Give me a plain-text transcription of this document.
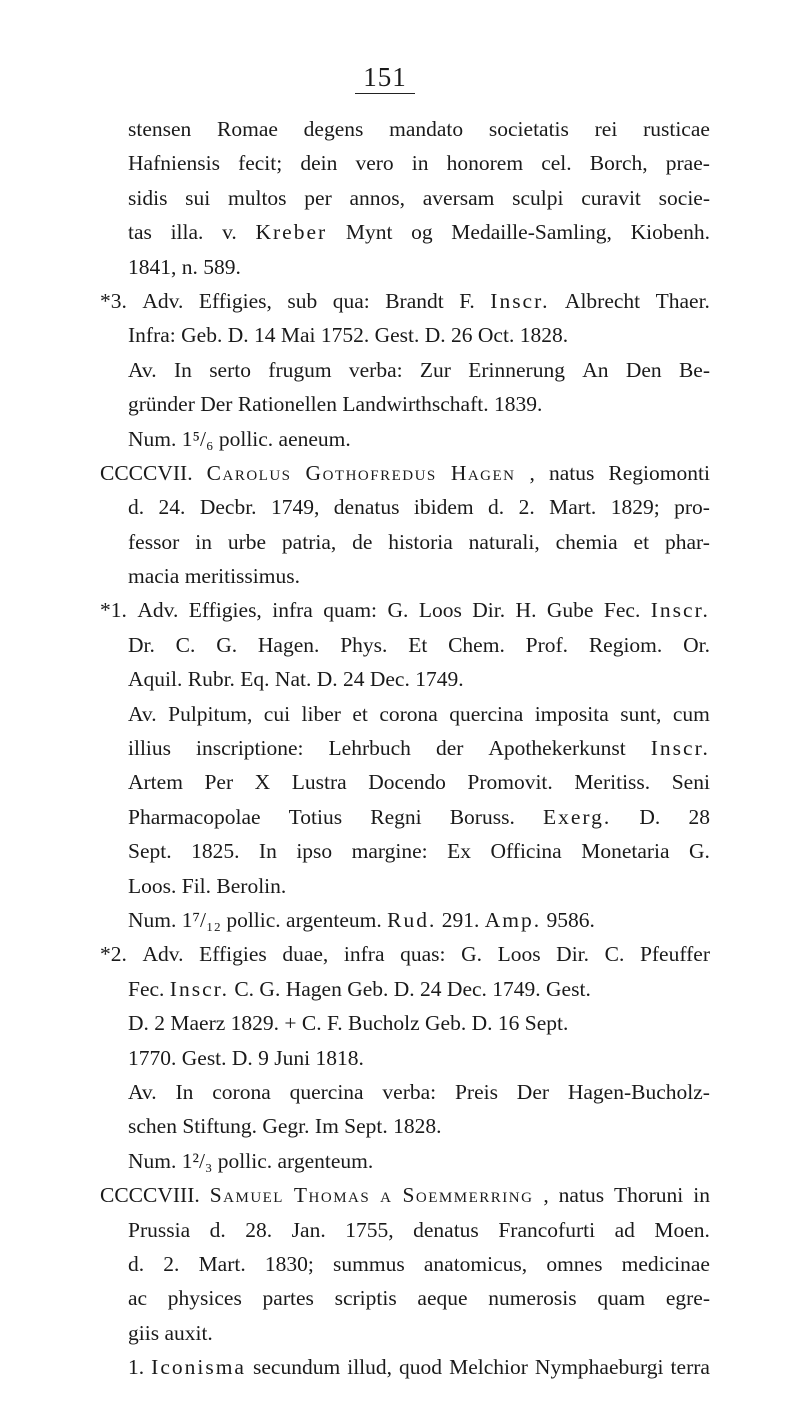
151
stensen Romae degens mandato societatis rei rusticae
Hafniensis fecit; dein vero in honorem cel. Borch, prae-
sidis sui multos per annos, aversam sculpi curavit socie-
tas illa. v. Kreber Mynt og Medaille-Samling, Kiobenh.
1841, n. 589.
*3. Adv. Effigies, sub qua: Brandt F. Inscr. Albrecht Thaer.
Infra: Geb. D. 14 Mai 1752. Gest. D. 26 Oct. 1828.
Av. In serto frugum verba: Zur Erinnerung An Den Be-
gründer Der Rationellen Landwirthschaft. 1839.
Num. 1⁵/₆ pollic. aeneum.
CCCCVII. Carolus Gothofredus Hagen , natus Regiomonti
d. 24. Decbr. 1749, denatus ibidem d. 2. Mart. 1829; pro-
fessor in urbe patria, de historia naturali, chemia et phar-
macia meritissimus.
*1. Adv. Effigies, infra quam: G. Loos Dir. H. Gube Fec. Inscr.
Dr. C. G. Hagen. Phys. Et Chem. Prof. Regiom. Or.
Aquil. Rubr. Eq. Nat. D. 24 Dec. 1749.
Av. Pulpitum, cui liber et corona quercina imposita sunt, cum
illius inscriptione: Lehrbuch der Apothekerkunst Inscr.
Artem Per X Lustra Docendo Promovit. Meritiss. Seni
Pharmacopolae Totius Regni Boruss. Exerg. D. 28
Sept. 1825. In ipso margine: Ex Officina Monetaria G.
Loos. Fil. Berolin.
Num. 1⁷/₁₂ pollic. argenteum. Rud. 291. Amp. 9586.
*2. Adv. Effigies duae, infra quas: G. Loos Dir. C. Pfeuffer
Fec. Inscr. C. G. Hagen Geb. D. 24 Dec. 1749. Gest.
D. 2 Maerz 1829. + C. F. Bucholz Geb. D. 16 Sept.
1770. Gest. D. 9 Juni 1818.
Av. In corona quercina verba: Preis Der Hagen-Bucholz-
schen Stiftung. Gegr. Im Sept. 1828.
Num. 1²/₃ pollic. argenteum.
CCCCVIII. Samuel Thomas a Soemmerring , natus Thoruni in
Prussia d. 28. Jan. 1755, denatus Francofurti ad Moen.
d. 2. Mart. 1830; summus anatomicus, omnes medicinae
ac physices partes scriptis aeque numerosis quam egre-
giis auxit.
1. Iconisma secundum illud, quod Melchior Nymphaeburgi terra
